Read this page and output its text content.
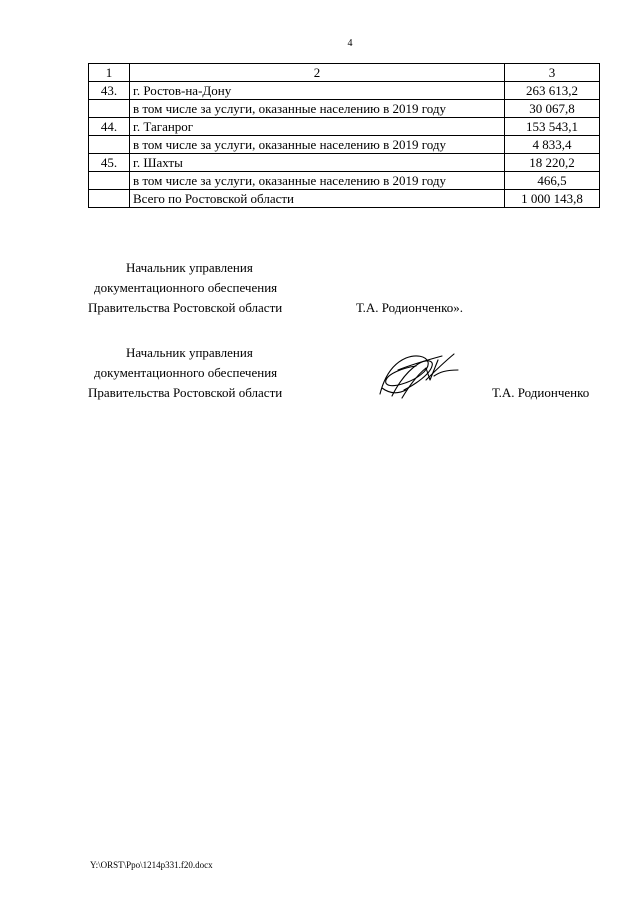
4
1	2	3
43.	г. Ростов-на-Дону	263 613,2
	в том числе за услуги, оказанные населению в 2019 году	30 067,8
44.	г. Таганрог	153 543,1
	в том числе за услуги, оказанные населению в 2019 году	4 833,4
45.	г. Шахты	18 220,2
	в том числе за услуги, оказанные населению в 2019 году	466,5
	Всего по Ростовской области	1 000 143,8
Начальник управления
документационного обеспечения
Правительства Ростовской области	Т.А. Родионченко».
Начальник управления
документационного обеспечения
Правительства Ростовской области	Т.А. Родионченко
Y:\ORST\Ppo\1214p331.f20.docx
